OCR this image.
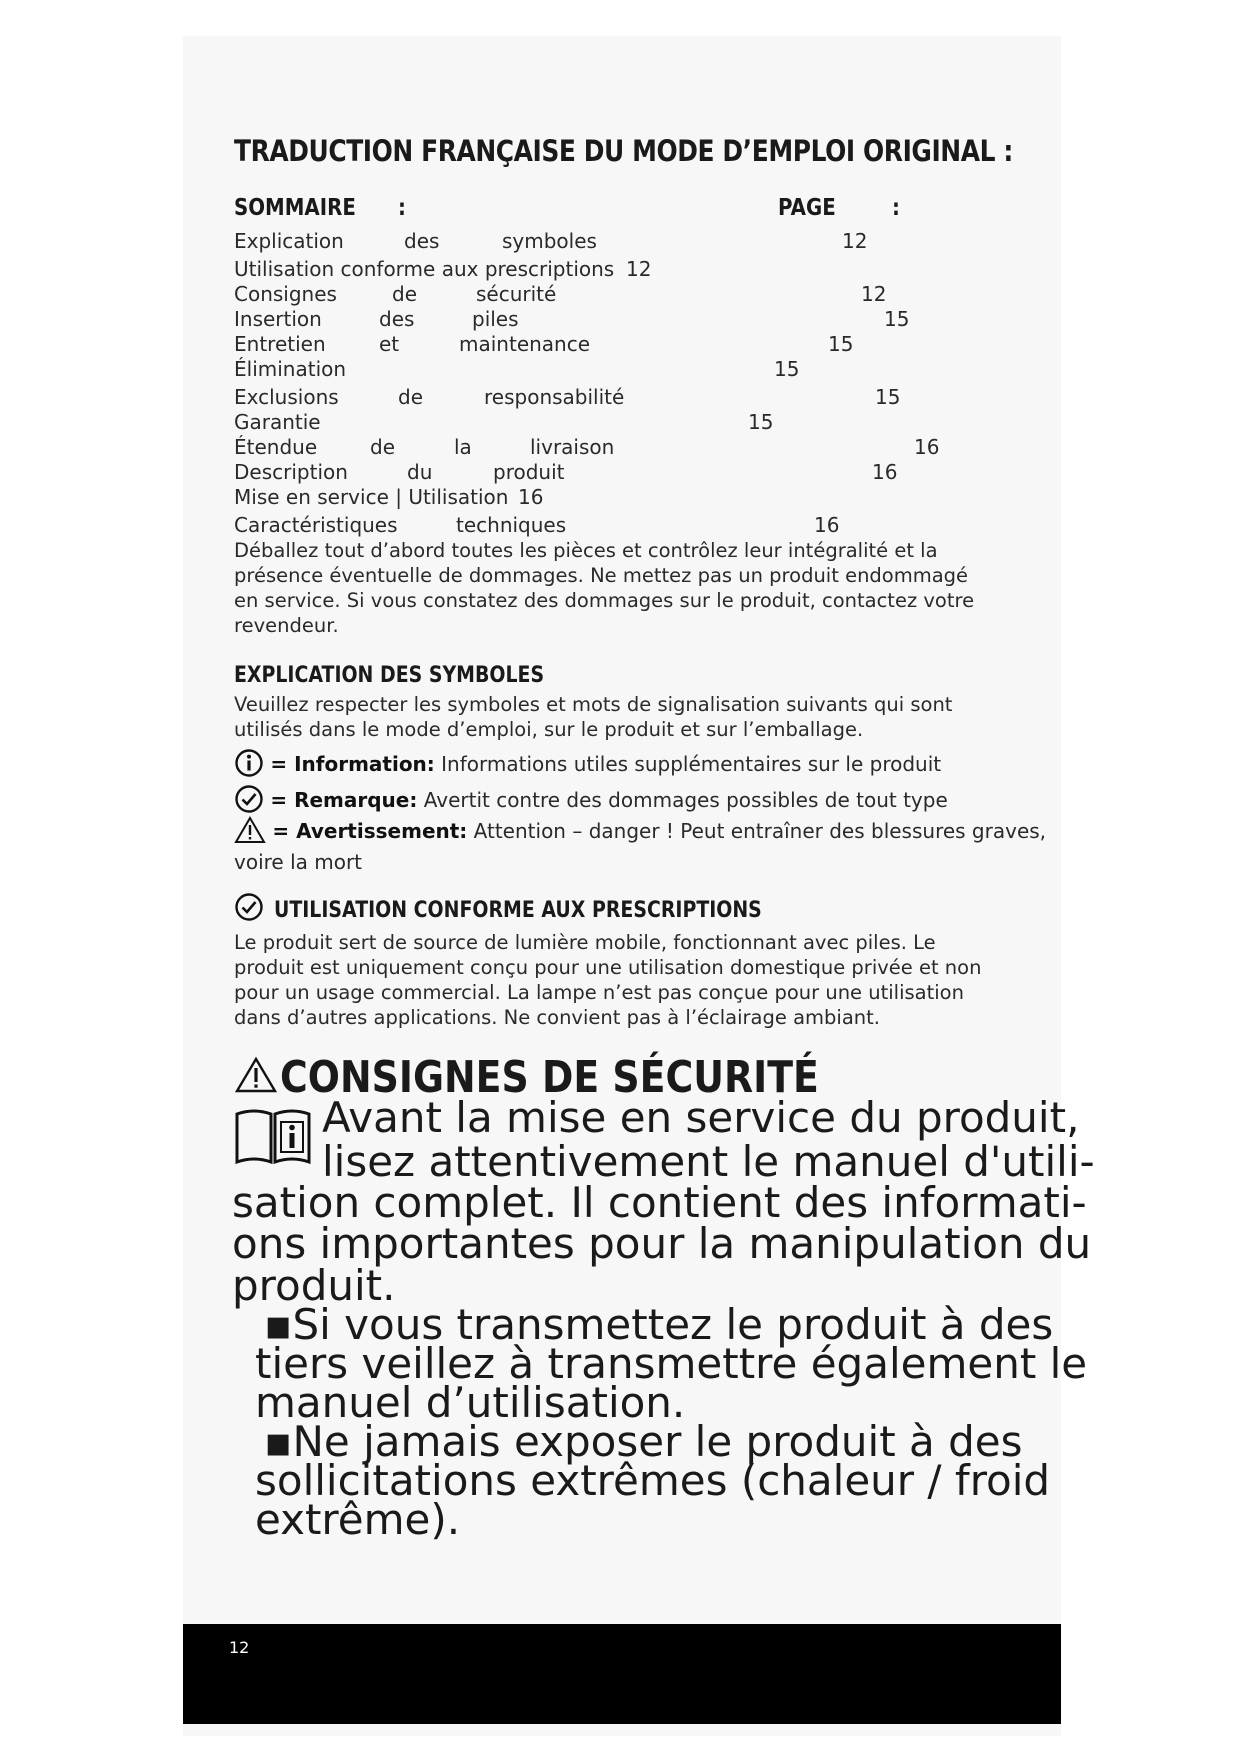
TRADUCTION FRANÇAISE DU MODE D’EMPLOI ORIGINAL :
SOMMAIRE :	PAGE :
Explication	des	symboles	12
Utilisation conforme aux prescriptions 12
Consignes	de	sécurité	12
Insertion	des	piles	15
Entretien	et	maintenance	15
Élimination	15
Exclusions	de	responsabilité	15
Garantie	15
Étendue	de	la	livraison	16
Description	du	produit	16
Mise en service | Utilisation 16
Caractéristiques	techniques	16
Déballez tout d’abord toutes les pièces et contrôlez leur intégralité et la présence éventuelle de dommages. Ne mettez pas un produit endommagé en service. Si vous constatez des dommages sur le produit, contactez votre revendeur.
EXPLICATION DES SYMBOLES
Veuillez respecter les symboles et mots de signalisation suivants qui sont utilisés dans le mode d’emploi, sur le produit et sur l’emballage.
= Information: Informations utiles supplémentaires sur le produit
= Remarque: Avertit contre des dommages possibles de tout type
= Avertissement: Attention – danger ! Peut entraîner des blessures graves,
voire la mort
UTILISATION CONFORME AUX PRESCRIPTIONS
Le produit sert de source de lumière mobile, fonctionnant avec piles. Le produit est uniquement conçu pour une utilisation domestique privée et non pour un usage commercial. La lampe n’est pas conçue pour une utilisation dans d’autres applications. Ne convient pas à l’éclairage ambiant.
CONSIGNES DE SÉCURITÉ
Avant la mise en service du produit,
lisez attentivement le manuel d'utili-
sation complet. Il contient des informati-
ons importantes pour la manipulation du
produit.
▪Si vous transmettez le produit à des
tiers veillez à transmettre également le
manuel d’utilisation.
▪Ne jamais exposer le produit à des
sollicitations extrêmes (chaleur / froid
extrême).
12
